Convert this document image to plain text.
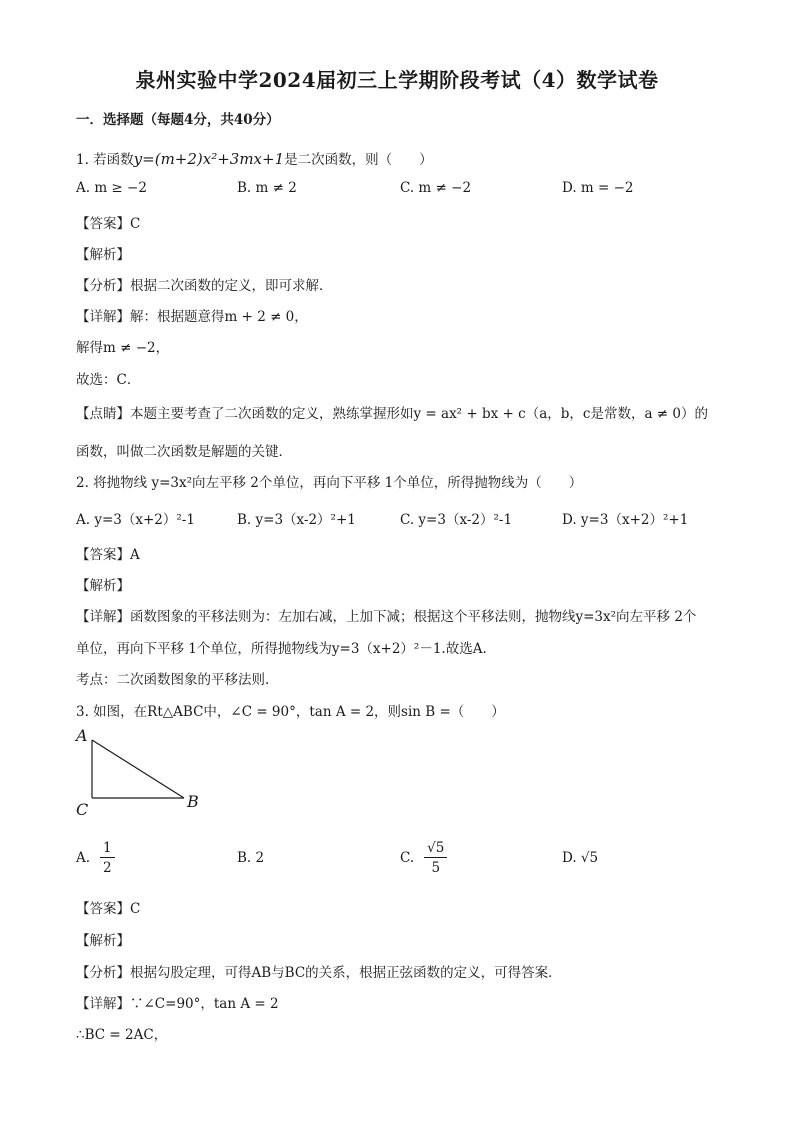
泉州实验中学2024届初三上学期阶段考试（4）数学试卷
一．选择题（每题4分，共40分）
1. 若函数y=(m+2)x²+3mx+1是二次函数，则（　　）
A. m ≥ −2	B. m ≠ 2	C. m ≠ −2	D. m = −2
【答案】C
【解析】
【分析】根据二次函数的定义，即可求解．
【详解】解：根据题意得m + 2 ≠ 0，
解得m ≠ −2，
故选：C．
【点睛】本题主要考查了二次函数的定义，熟练掌握形如y = ax² + bx + c（a，b，c是常数，a ≠ 0）的
函数，叫做二次函数是解题的关键．
2. 将抛物线 y=3x²向左平移 2个单位，再向下平移 1个单位，所得抛物线为（　　）
A. y=3（x+2）²-1	B. y=3（x-2）²+1	C. y=3（x-2）²-1	D. y=3（x+2）²+1
【答案】A
【解析】
【详解】函数图象的平移法则为：左加右减，上加下减；根据这个平移法则，抛物线y=3x²向左平移 2个
单位，再向下平移 1个单位，所得抛物线为y=3（x+2）²－1.故选A.
考点：二次函数图象的平移法则.
3. 如图，在Rt△ABC中，∠C = 90°，tan A = 2，则sin B =（　　）
A
C	B
A. $\frac{1}{2}$	B. 2	C. $\frac{√5}{5}$	D. √5
【答案】C
【解析】
【分析】根据勾股定理，可得AB与BC的关系，根据正弦函数的定义，可得答案．
【详解】∵∠C=90°，tan A = 2
∴BC = 2AC，
